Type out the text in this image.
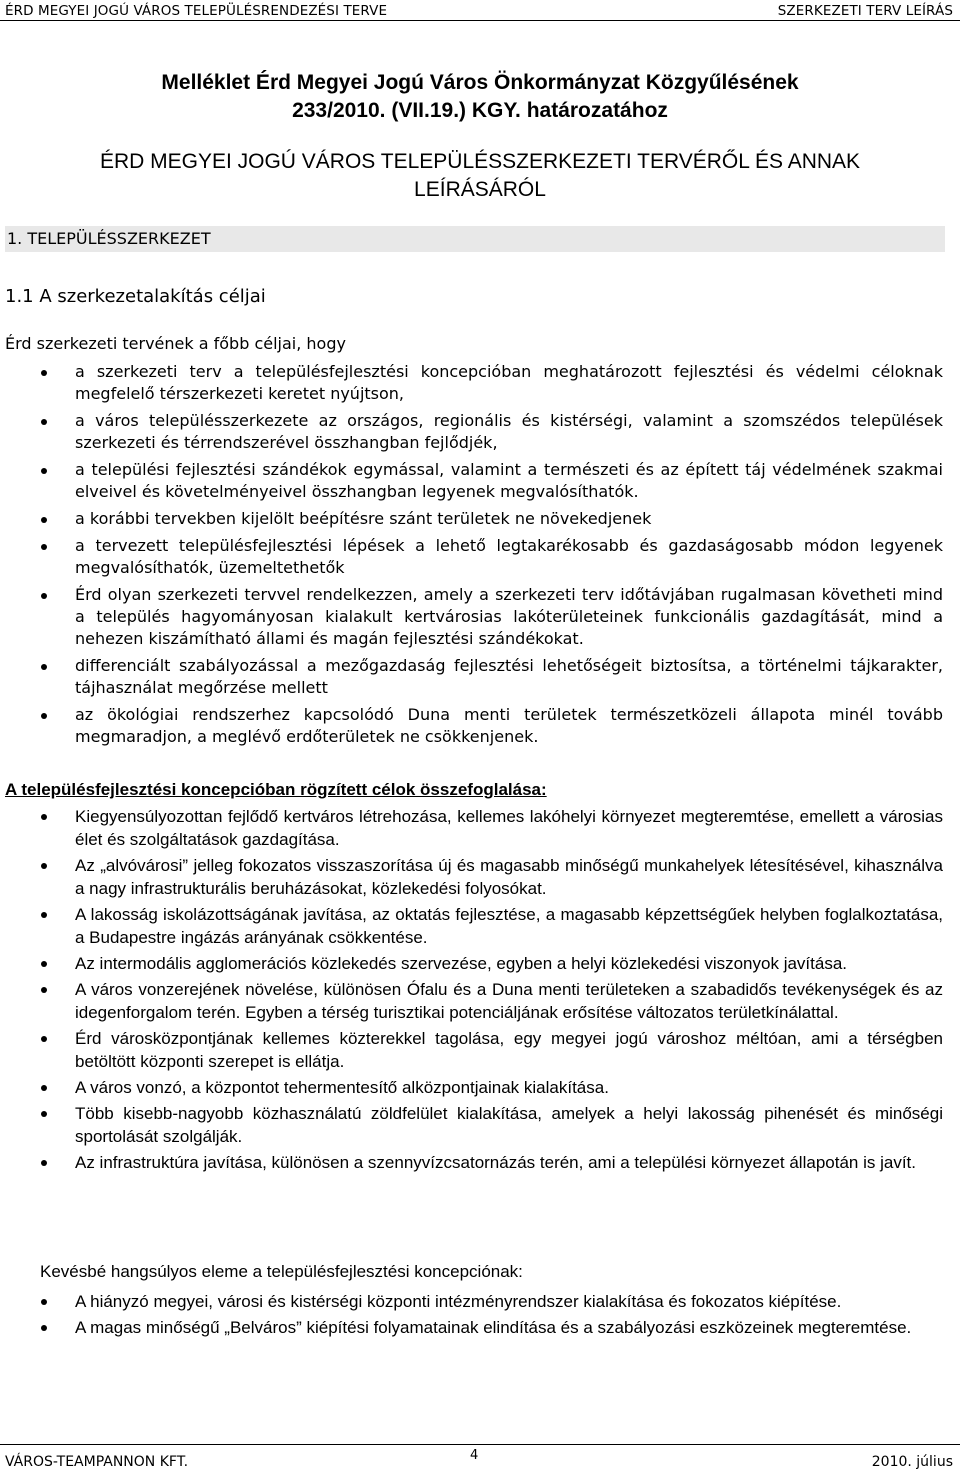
ÉRD MEGYEI JOGÚ VÁROS TELEPÜLÉSRENDEZÉSI TERVE	SZERKEZETI TERV LEÍRÁS
Melléklet Érd Megyei Jogú Város Önkormányzat Közgyűlésének
233/2010. (VII.19.) KGY. határozatához
ÉRD MEGYEI JOGÚ VÁROS TELEPÜLÉSSZERKEZETI TERVÉRŐL ÉS ANNAK
LEÍRÁSÁRÓL
1. TELEPÜLÉSSZERKEZET
1.1 A szerkezetalakítás céljai
Érd szerkezeti tervének a főbb céljai, hogy
a szerkezeti terv a településfejlesztési koncepcióban meghatározott fejlesztési és védelmi céloknak megfelelő térszerkezeti keretet nyújtson,
a város településszerkezete az országos, regionális és kistérségi, valamint a szomszédos települések szerkezeti és térrendszerével összhangban fejlődjék,
a települési fejlesztési szándékok egymással, valamint a természeti és az épített táj védelmének szakmai elveivel és követelményeivel összhangban legyenek megvalósíthatók.
a korábbi tervekben kijelölt beépítésre szánt területek ne növekedjenek
a tervezett településfejlesztési lépések a lehető legtakarékosabb és gazdaságosabb módon legyenek megvalósíthatók, üzemeltethetők
Érd olyan szerkezeti tervvel rendelkezzen, amely a szerkezeti terv időtávjában rugalmasan követheti mind a település hagyományosan kialakult kertvárosias lakóterületeinek funkcionális gazdagítását, mind a nehezen kiszámítható állami és magán fejlesztési szándékokat.
differenciált szabályozással a mezőgazdaság fejlesztési lehetőségeit biztosítsa, a történelmi tájkarakter, tájhasználat megőrzése mellett
az ökológiai rendszerhez kapcsolódó Duna menti területek természetközeli állapota minél tovább megmaradjon, a meglévő erdőterületek ne csökkenjenek.
A településfejlesztési koncepcióban rögzített célok összefoglalása:
Kiegyensúlyozottan fejlődő kertváros létrehozása, kellemes lakóhelyi környezet megteremtése, emellett a városias élet és szolgáltatások gazdagítása.
Az „alvóvárosi” jelleg fokozatos visszaszorítása új és magasabb minőségű munkahelyek létesítésével, kihasználva a nagy infrastrukturális beruházásokat, közlekedési folyosókat.
A lakosság iskolázottságának javítása, az oktatás fejlesztése, a magasabb képzettségűek helyben foglalkoztatása, a Budapestre ingázás arányának csökkentése.
Az intermodális agglomerációs közlekedés szervezése, egyben a helyi közlekedési viszonyok javítása.
A város vonzerejének növelése, különösen Ófalu és a Duna menti területeken a szabadidős tevékenységek és az idegenforgalom terén. Egyben a térség turisztikai potenciáljának erősítése változatos területkínálattal.
Érd városközpontjának kellemes közterekkel tagolása, egy megyei jogú városhoz méltóan, ami a térségben betöltött központi szerepet is ellátja.
A város vonzó, a központot tehermentesítő alközpontjainak kialakítása.
Több kisebb-nagyobb közhasználatú zöldfelület kialakítása, amelyek a helyi lakosság pihenését és minőségi sportolását szolgálják.
Az infrastruktúra javítása, különösen a szennyvízcsatornázás terén, ami a települési környezet állapotán is javít.
Kevésbé hangsúlyos eleme a településfejlesztési koncepciónak:
A hiányzó megyei, városi és kistérségi központi intézményrendszer kialakítása és fokozatos kiépítése.
A magas minőségű „Belváros” kiépítési folyamatainak elindítása és a szabályozási eszközeinek megteremtése.
VÁROS-TEAMPANNON KFT.	4	2010. július
